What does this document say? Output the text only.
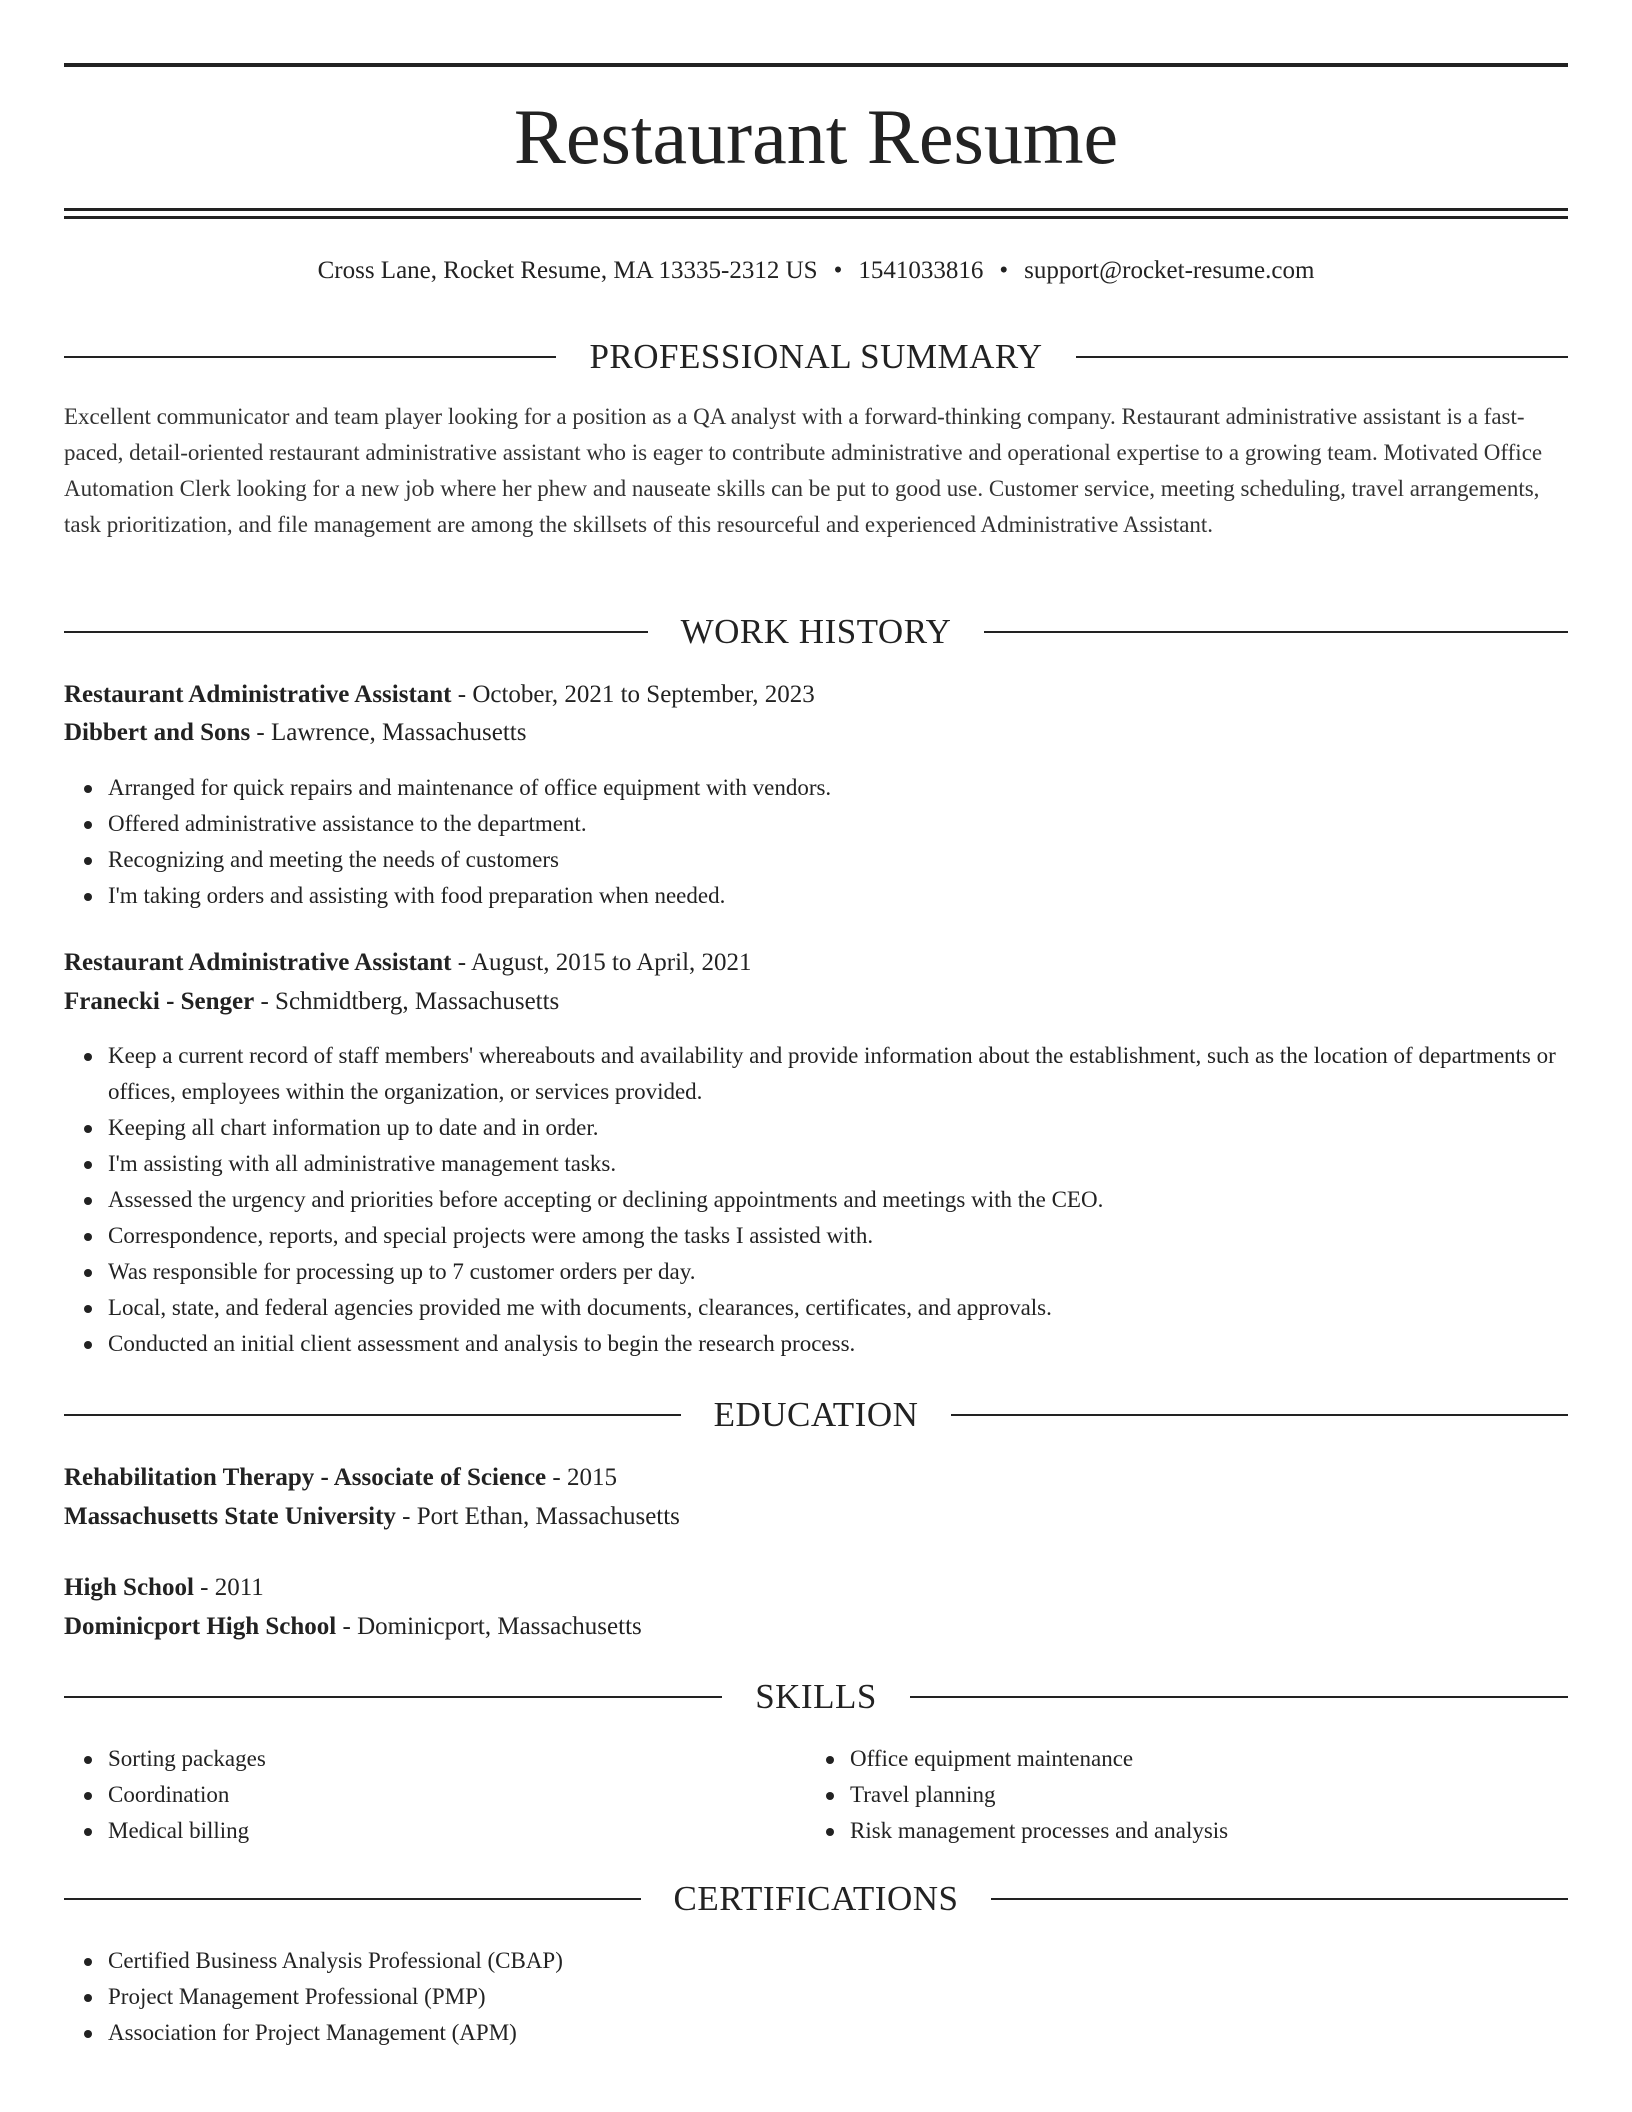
Restaurant Resume
Cross Lane, Rocket Resume, MA 13335-2312 US • 1541033816 • support@rocket-resume.com
PROFESSIONAL SUMMARY

Excellent communicator and team player looking for a position as a QA analyst with a forward-thinking company. Restaurant administrative assistant is a fast-paced, detail-oriented restaurant administrative assistant who is eager to contribute administrative and operational expertise to a growing team. Motivated Office Automation Clerk looking for a new job where her phew and nauseate skills can be put to good use. Customer service, meeting scheduling, travel arrangements, task prioritization, and file management are among the skillsets of this resourceful and experienced Administrative Assistant.

WORK HISTORY
Restaurant Administrative Assistant - October, 2021 to September, 2023
Dibbert and Sons - Lawrence, Massachusetts
Arranged for quick repairs and maintenance of office equipment with vendors.
Offered administrative assistance to the department.
Recognizing and meeting the needs of customers
I'm taking orders and assisting with food preparation when needed.
Restaurant Administrative Assistant - August, 2015 to April, 2021
Franecki - Senger - Schmidtberg, Massachusetts
Keep a current record of staff members' whereabouts and availability and provide information about the establishment, such as the location of departments or offices, employees within the organization, or services provided.
Keeping all chart information up to date and in order.
I'm assisting with all administrative management tasks.
Assessed the urgency and priorities before accepting or declining appointments and meetings with the CEO.
Correspondence, reports, and special projects were among the tasks I assisted with.
Was responsible for processing up to 7 customer orders per day.
Local, state, and federal agencies provided me with documents, clearances, certificates, and approvals.
Conducted an initial client assessment and analysis to begin the research process.
EDUCATION
Rehabilitation Therapy - Associate of Science - 2015
Massachusetts State University - Port Ethan, Massachusetts
High School - 2011
Dominicport High School - Dominicport, Massachusetts
SKILLS
Sorting packages
Coordination
Medical billing
Office equipment maintenance
Travel planning
Risk management processes and analysis
CERTIFICATIONS
Certified Business Analysis Professional (CBAP)
Project Management Professional (PMP)
Association for Project Management (APM)
